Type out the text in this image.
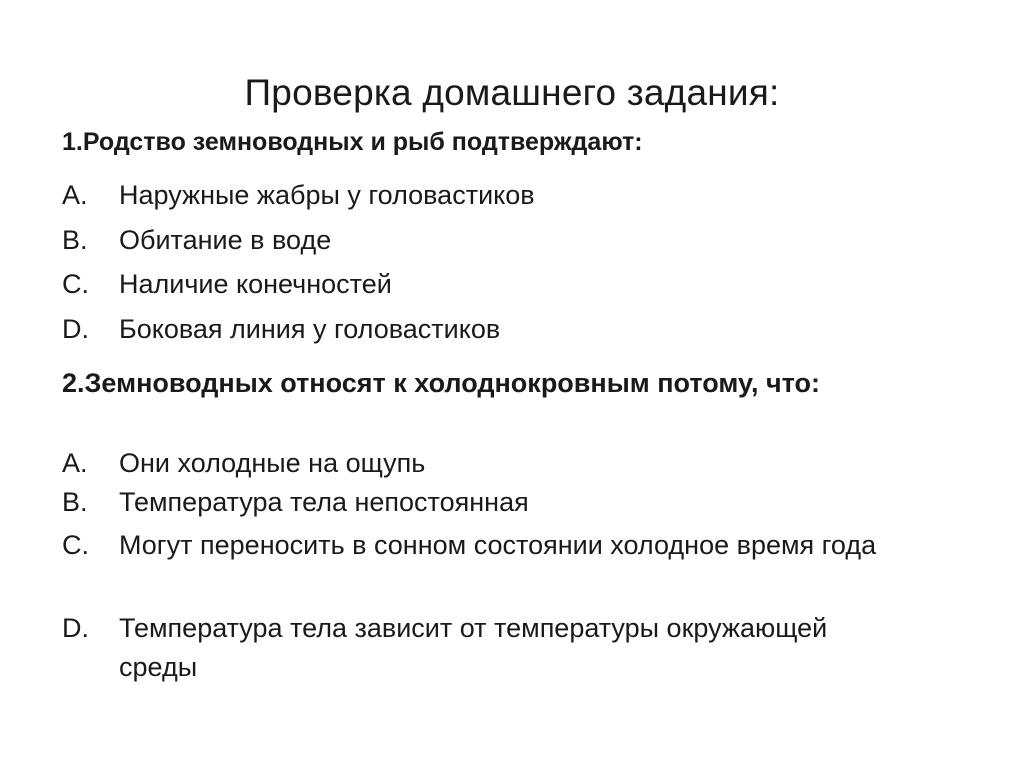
Проверка домашнего задания:
1.Родство земноводных и рыб подтверждают:
A.	Наружные жабры у головастиков
B.	Обитание в воде
C.	Наличие конечностей
D.	Боковая линия у головастиков
2.Земноводных относят к холоднокровным потому, что:
A.	Они холодные на ощупь
B.	Температура тела непостоянная
C.	Могут переносить в сонном состоянии холодное время года
D.	Температура тела зависит от температуры окружающей среды
